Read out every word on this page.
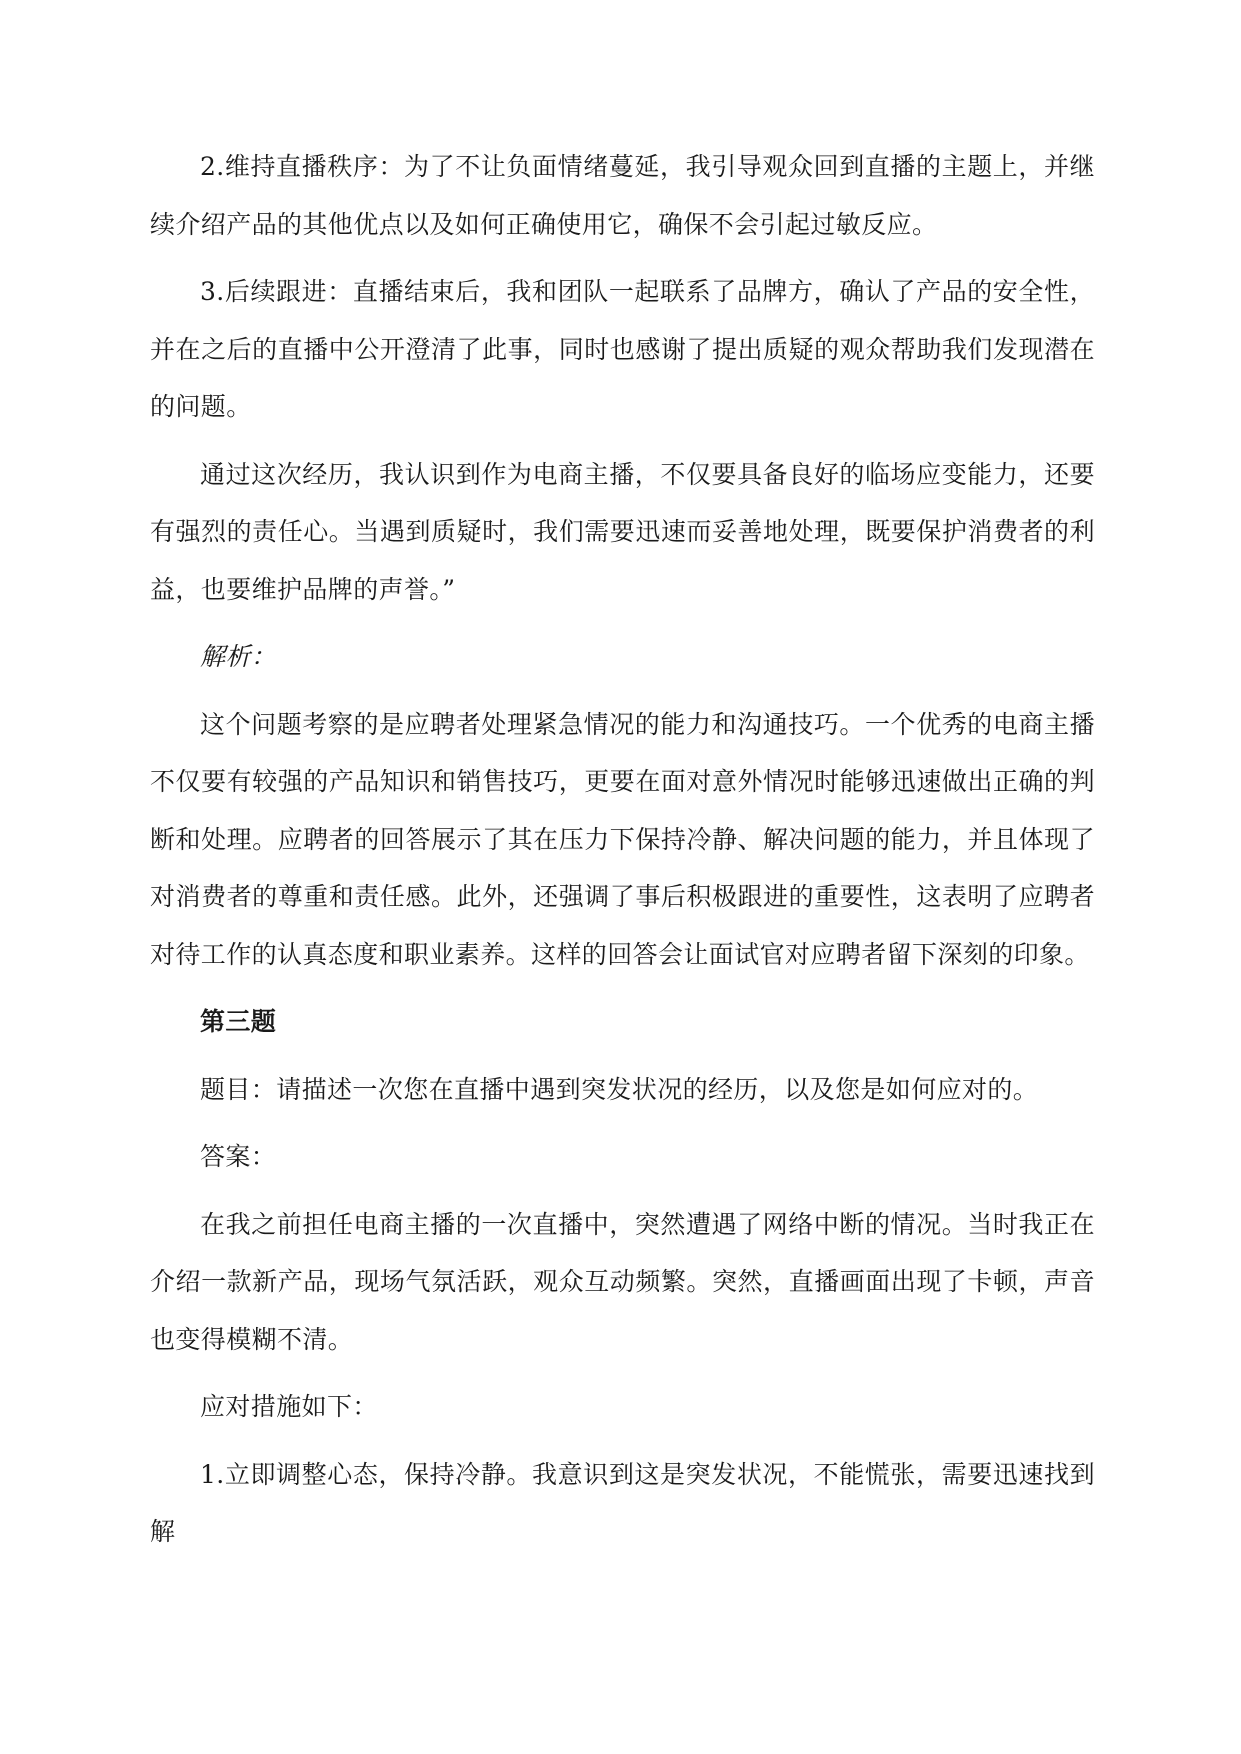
2.维持直播秩序：为了不让负面情绪蔓延，我引导观众回到直播的主题上，并继续介绍产品的其他优点以及如何正确使用它，确保不会引起过敏反应。

3.后续跟进：直播结束后，我和团队一起联系了品牌方，确认了产品的安全性，并在之后的直播中公开澄清了此事，同时也感谢了提出质疑的观众帮助我们发现潜在的问题。

通过这次经历，我认识到作为电商主播，不仅要具备良好的临场应变能力，还要有强烈的责任心。当遇到质疑时，我们需要迅速而妥善地处理，既要保护消费者的利益，也要维护品牌的声誉。”

解析：

这个问题考察的是应聘者处理紧急情况的能力和沟通技巧。一个优秀的电商主播不仅要有较强的产品知识和销售技巧，更要在面对意外情况时能够迅速做出正确的判断和处理。应聘者的回答展示了其在压力下保持冷静、解决问题的能力，并且体现了对消费者的尊重和责任感。此外，还强调了事后积极跟进的重要性，这表明了应聘者对待工作的认真态度和职业素养。这样的回答会让面试官对应聘者留下深刻的印象。

第三题

题目：请描述一次您在直播中遇到突发状况的经历，以及您是如何应对的。

答案：

在我之前担任电商主播的一次直播中，突然遭遇了网络中断的情况。当时我正在介绍一款新产品，现场气氛活跃，观众互动频繁。突然，直播画面出现了卡顿，声音也变得模糊不清。

应对措施如下：

1.立即调整心态，保持冷静。我意识到这是突发状况，不能慌张，需要迅速找到解
